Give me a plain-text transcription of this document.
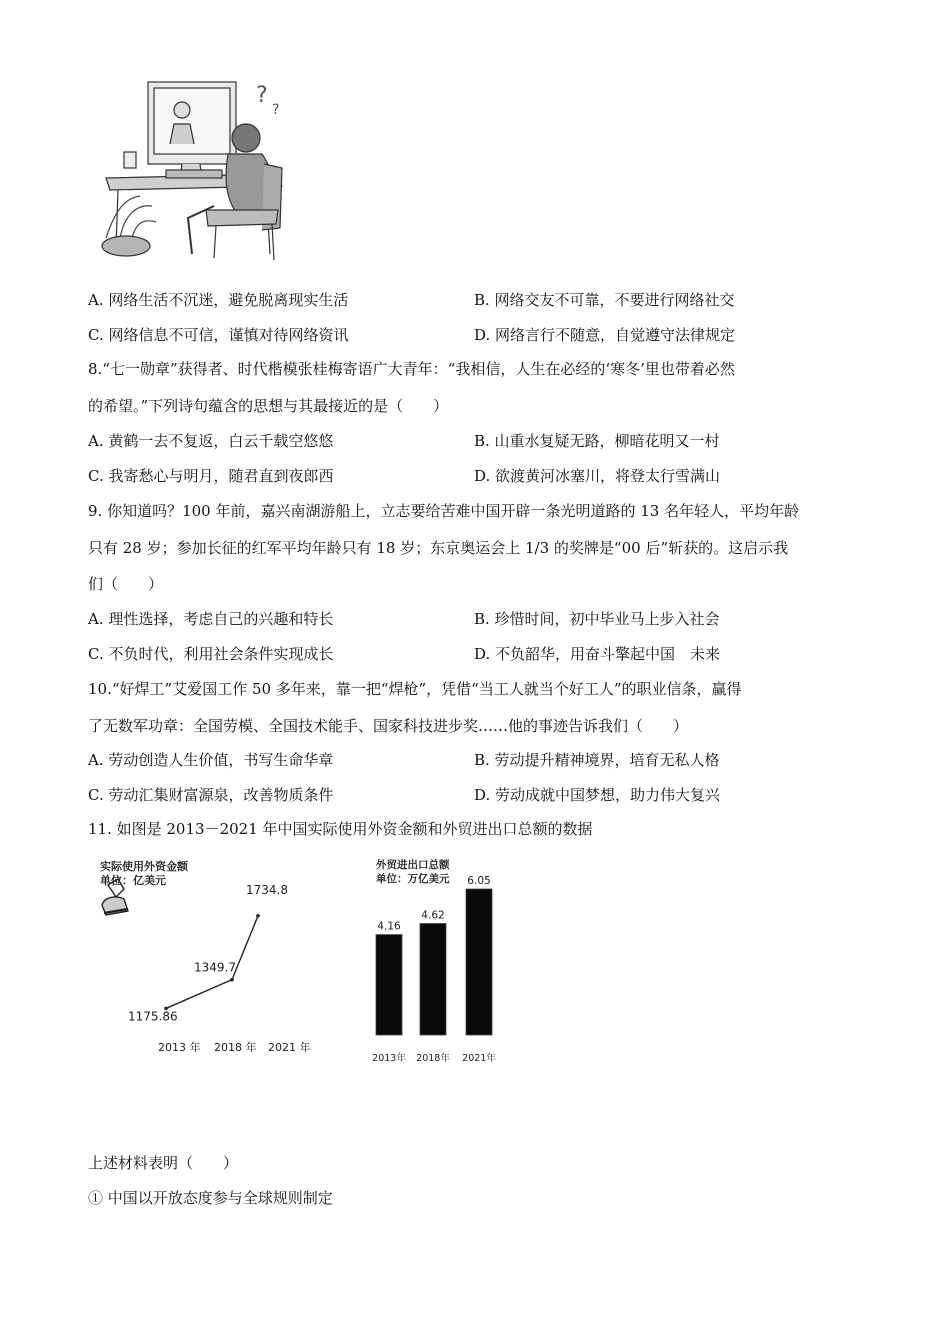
?
?
A. 网络生活不沉迷，避免脱离现实生活	B. 网络交友不可靠，不要进行网络社交
C. 网络信息不可信，谨慎对待网络资讯	D. 网络言行不随意，自觉遵守法律规定
8.“七一勋章”获得者、时代楷模张桂梅寄语广大青年：“我相信，人生在必经的‘寒冬’里也带着必然
的希望。”下列诗句蕴含的思想与其最接近的是（　　）
A. 黄鹤一去不复返，白云千载空悠悠	B. 山重水复疑无路，柳暗花明又一村
C. 我寄愁心与明月，随君直到夜郎西	D. 欲渡黄河冰塞川，将登太行雪满山
9. 你知道吗？100 年前，嘉兴南湖游船上，立志要给苦难中国开辟一条光明道路的 13 名年轻人，平均年龄
只有 28 岁；参加长征的红军平均年龄只有 18 岁；东京奥运会上 1/3 的奖牌是“00 后”斩获的。这启示我
们（　　）
A. 理性选择，考虑自己的兴趣和特长	B. 珍惜时间，初中毕业马上步入社会
C. 不负时代，利用社会条件实现成长	D. 不负韶华，用奋斗擎起中国　未来
10.“好焊工”艾爱国工作 50 多年来，靠一把“焊枪”，凭借“当工人就当个好工人”的职业信条，赢得
了无数军功章：全国劳模、全国技术能手、国家科技进步奖……他的事迹告诉我们（　　）
A. 劳动创造人生价值，书写生命华章	B. 劳动提升精神境界，培育无私人格
C. 劳动汇集财富源泉，改善物质条件	D. 劳动成就中国梦想，助力伟大复兴
11. 如图是 2013－2021 年中国实际使用外资金额和外贸进出口总额的数据
实际使用外资金额
单位：亿美元
1175.86
1349.7
1734.8
2013 年 2018 年 2021 年
外贸进出口总额
单位：万亿美元
4.16
2013年
4.62
2018年
6.05
2021年
上述材料表明（　　）
① 中国以开放态度参与全球规则制定
